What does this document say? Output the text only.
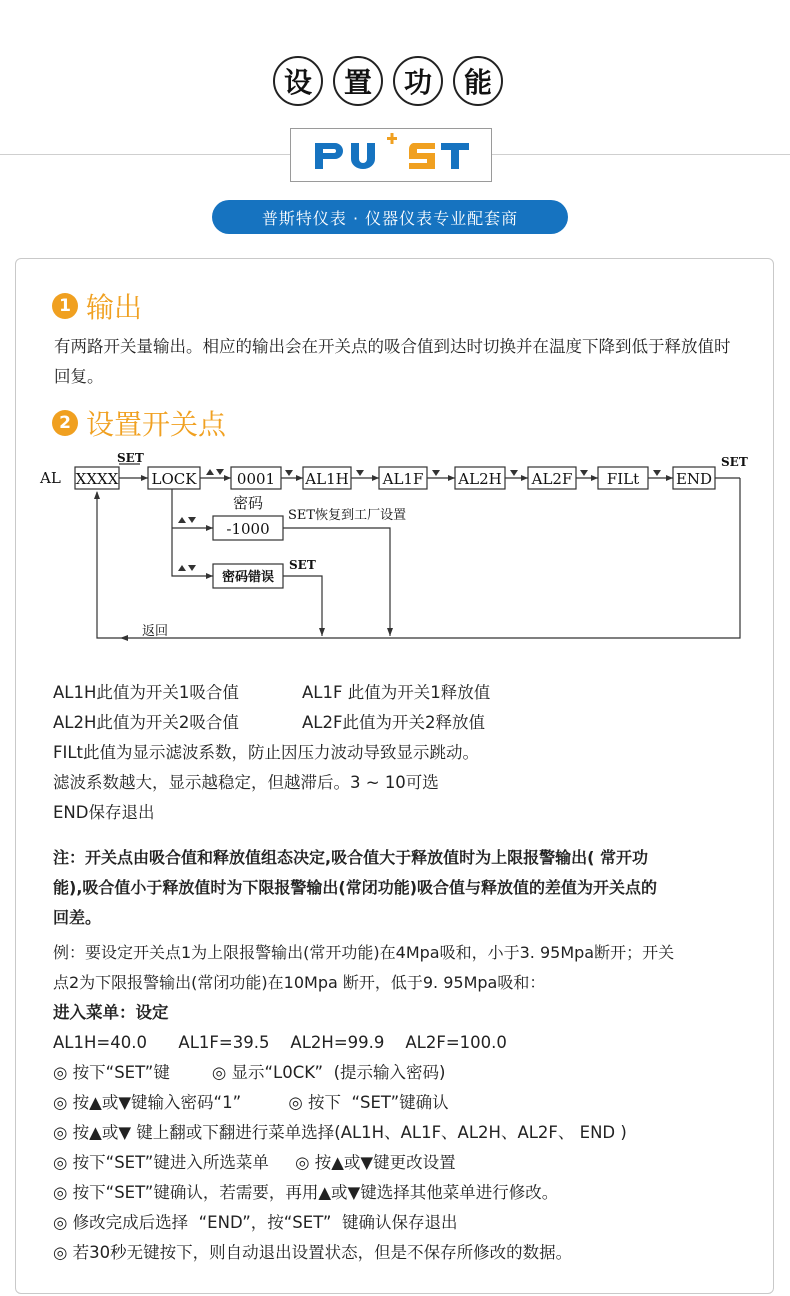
设	置	功	能
普斯特仪表 · 仪器仪表专业配套商
1 输出
有两路开关量输出。相应的输出会在开关点的吸合值到达时切换并在温度下降到低于释放值时回复。
2 设置开关点
AL XXXX LOCK	0001 AL1H AL1F AL2H AL2F FILt END
密码
-1000
密码错误
SET	SET
SET
SET恢复到工厂设置
返回
AL1H此值为开关1吸合值	AL1F 此值为开关1释放值
AL2H此值为开关2吸合值	AL2F此值为开关2释放值
FILt此值为显示滤波系数，防止因压力波动导致显示跳动。
滤波系数越大，显示越稳定，但越滞后。3 ~ 10可选
END保存退出
注：开关点由吸合值和释放值组态决定,吸合值大于释放值时为上限报警输出( 常开功
能),吸合值小于释放值时为下限报警输出(常闭功能)吸合值与释放值的差值为开关点的
回差。
例：要设定开关点1为上限报警输出(常开功能)在4Mpa吸和，小于3. 95Mpa断开；开关
点2为下限报警输出(常闭功能)在10Mpa 断开，低于9. 95Mpa吸和：
进入菜单：设定
AL1H=40.0      AL1F=39.5    AL2H=99.9    AL2F=100.0
◎ 按下“SET”键        ◎ 显示“L0CK”  (提示输入密码)
◎ 按▲或▼键输入密码“1”         ◎ 按下  “SET”键确认
◎ 按▲或▼ 键上翻或下翻进行菜单选择(AL1H、AL1F、AL2H、AL2F、 END )
◎ 按下“SET”键进入所选菜单     ◎ 按▲或▼键更改设置
◎ 按下“SET”键确认，若需要，再用▲或▼键选择其他菜单进行修改。
◎ 修改完成后选择  “END”，按“SET”  键确认保存退出
◎ 若30秒无键按下，则自动退出设置状态，但是不保存所修改的数据。
